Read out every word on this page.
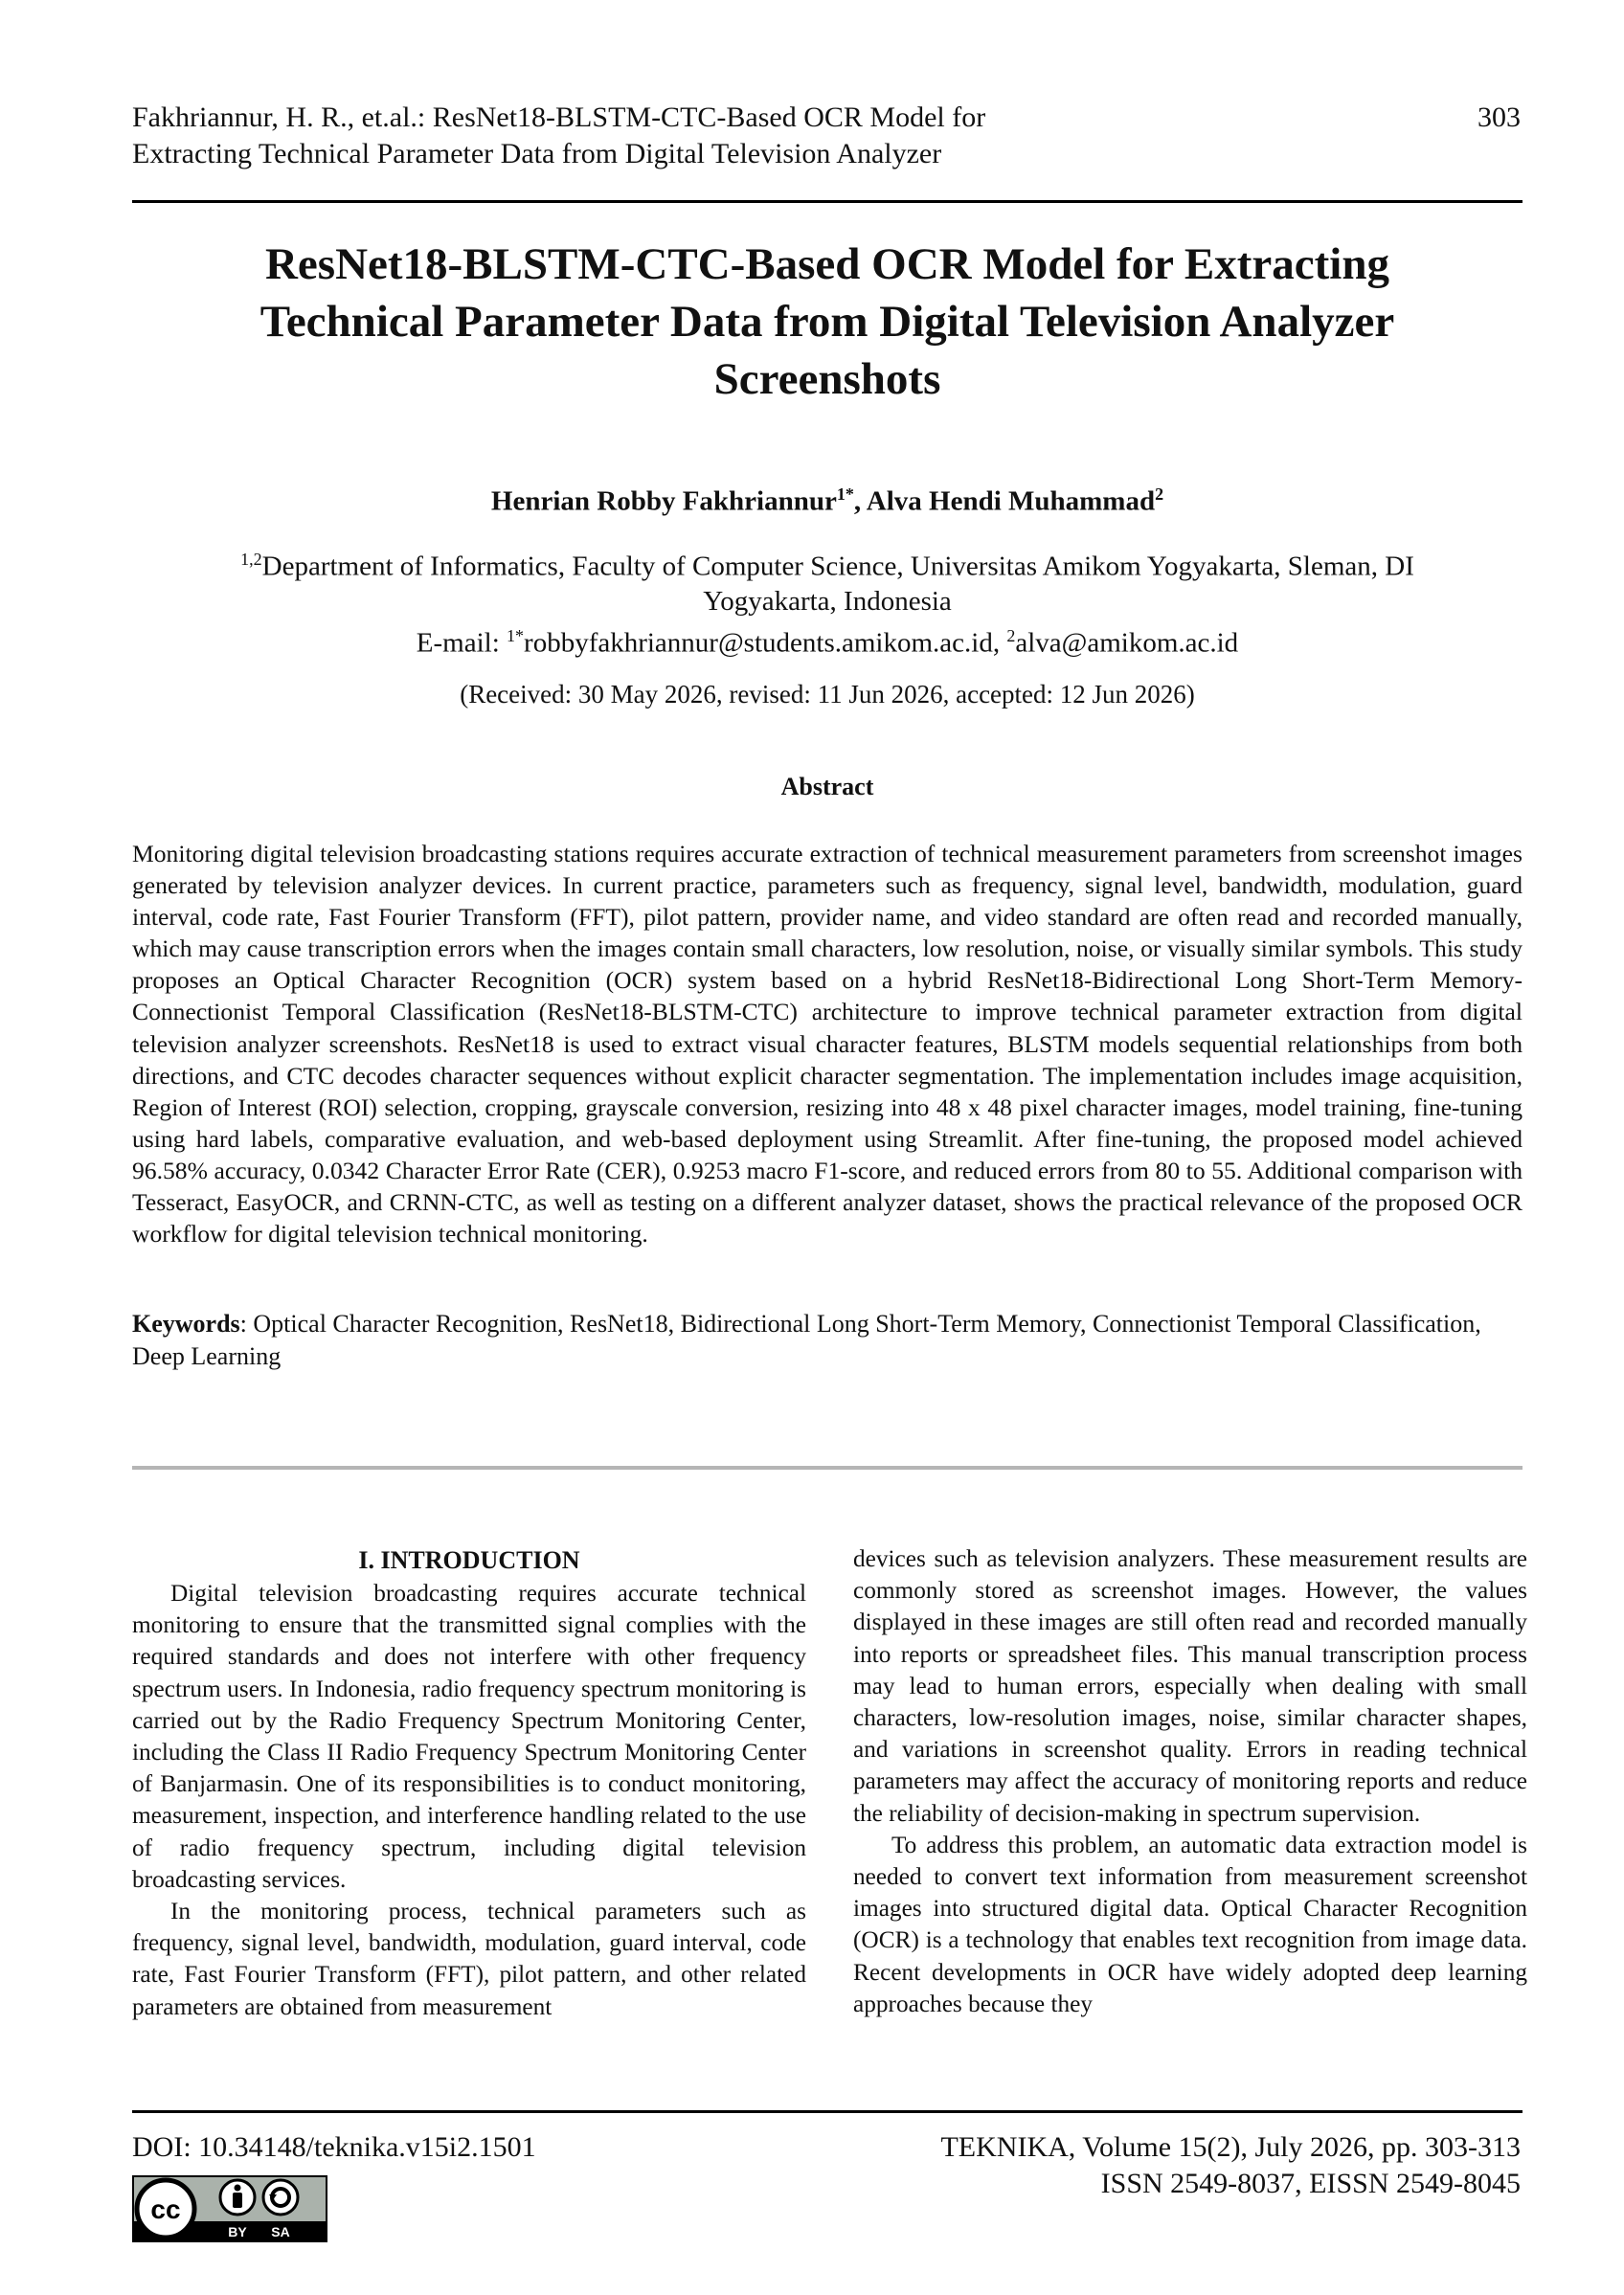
Fakhriannur, H. R., et.al.: ResNet18-BLSTM-CTC-Based OCR Model for
Extracting Technical Parameter Data from Digital Television Analyzer
303
ResNet18-BLSTM-CTC-Based OCR Model for Extracting
Technical Parameter Data from Digital Television Analyzer
Screenshots
Henrian Robby Fakhriannur$^{1*}$, Alva Hendi Muhammad$^2$
$^{1,2}$Department of Informatics, Faculty of Computer Science, Universitas Amikom Yogyakarta, Sleman, DI
Yogyakarta, Indonesia
E-mail: $^{1*}$robbyfakhriannur@students.amikom.ac.id, $^2$alva@amikom.ac.id
(Received: 30 May 2026, revised: 11 Jun 2026, accepted: 12 Jun 2026)
Abstract
Monitoring digital television broadcasting stations requires accurate extraction of technical measurement parameters from screenshot images generated by television analyzer devices. In current practice, parameters such as frequency, signal level, bandwidth, modulation, guard interval, code rate, Fast Fourier Transform (FFT), pilot pattern, provider name, and video standard are often read and recorded manually, which may cause transcription errors when the images contain small characters, low resolution, noise, or visually similar symbols. This study proposes an Optical Character Recognition (OCR) system based on a hybrid ResNet18-Bidirectional Long Short-Term Memory-Connectionist Temporal Classification (ResNet18-BLSTM-CTC) architecture to improve technical parameter extraction from digital television analyzer screenshots. ResNet18 is used to extract visual character features, BLSTM models sequential relationships from both directions, and CTC decodes character sequences without explicit character segmentation. The implementation includes image acquisition, Region of Interest (ROI) selection, cropping, grayscale conversion, resizing into 48 x 48 pixel character images, model training, fine-tuning using hard labels, comparative evaluation, and web-based deployment using Streamlit. After fine-tuning, the proposed model achieved 96.58% accuracy, 0.0342 Character Error Rate (CER), 0.9253 macro F1-score, and reduced errors from 80 to 55. Additional comparison with Tesseract, EasyOCR, and CRNN-CTC, as well as testing on a different analyzer dataset, shows the practical relevance of the proposed OCR workflow for digital television technical monitoring.
Keywords: Optical Character Recognition, ResNet18, Bidirectional Long Short-Term Memory, Connectionist Temporal Classification, Deep Learning
I. INTRODUCTION

Digital television broadcasting requires accurate technical monitoring to ensure that the transmitted signal complies with the required standards and does not interfere with other frequency spectrum users. In Indonesia, radio frequency spectrum monitoring is carried out by the Radio Frequency Spectrum Monitoring Center, including the Class II Radio Frequency Spectrum Monitoring Center of Banjarmasin. One of its responsibilities is to conduct monitoring, measurement, inspection, and interference handling related to the use of radio frequency spectrum, including digital television broadcasting services.

In the monitoring process, technical parameters such as frequency, signal level, bandwidth, modulation, guard interval, code rate, Fast Fourier Transform (FFT), pilot pattern, and other related parameters are obtained from measurement

devices such as television analyzers. These measurement results are commonly stored as screenshot images. However, the values displayed in these images are still often read and recorded manually into reports or spreadsheet files. This manual transcription process may lead to human errors, especially when dealing with small characters, low-resolution images, noise, similar character shapes, and variations in screenshot quality. Errors in reading technical parameters may affect the accuracy of monitoring reports and reduce the reliability of decision-making in spectrum supervision.

To address this problem, an automatic data extraction model is needed to convert text information from measurement screenshot images into structured digital data. Optical Character Recognition (OCR) is a technology that enables text recognition from image data. Recent developments in OCR have widely adopted deep learning approaches because they

DOI: 10.34148/teknika.v15i2.1501	TEKNIKA, Volume 15(2), July 2026, pp. 303-313
ISSN 2549-8037, EISSN 2549-8045
cc
BY SA
